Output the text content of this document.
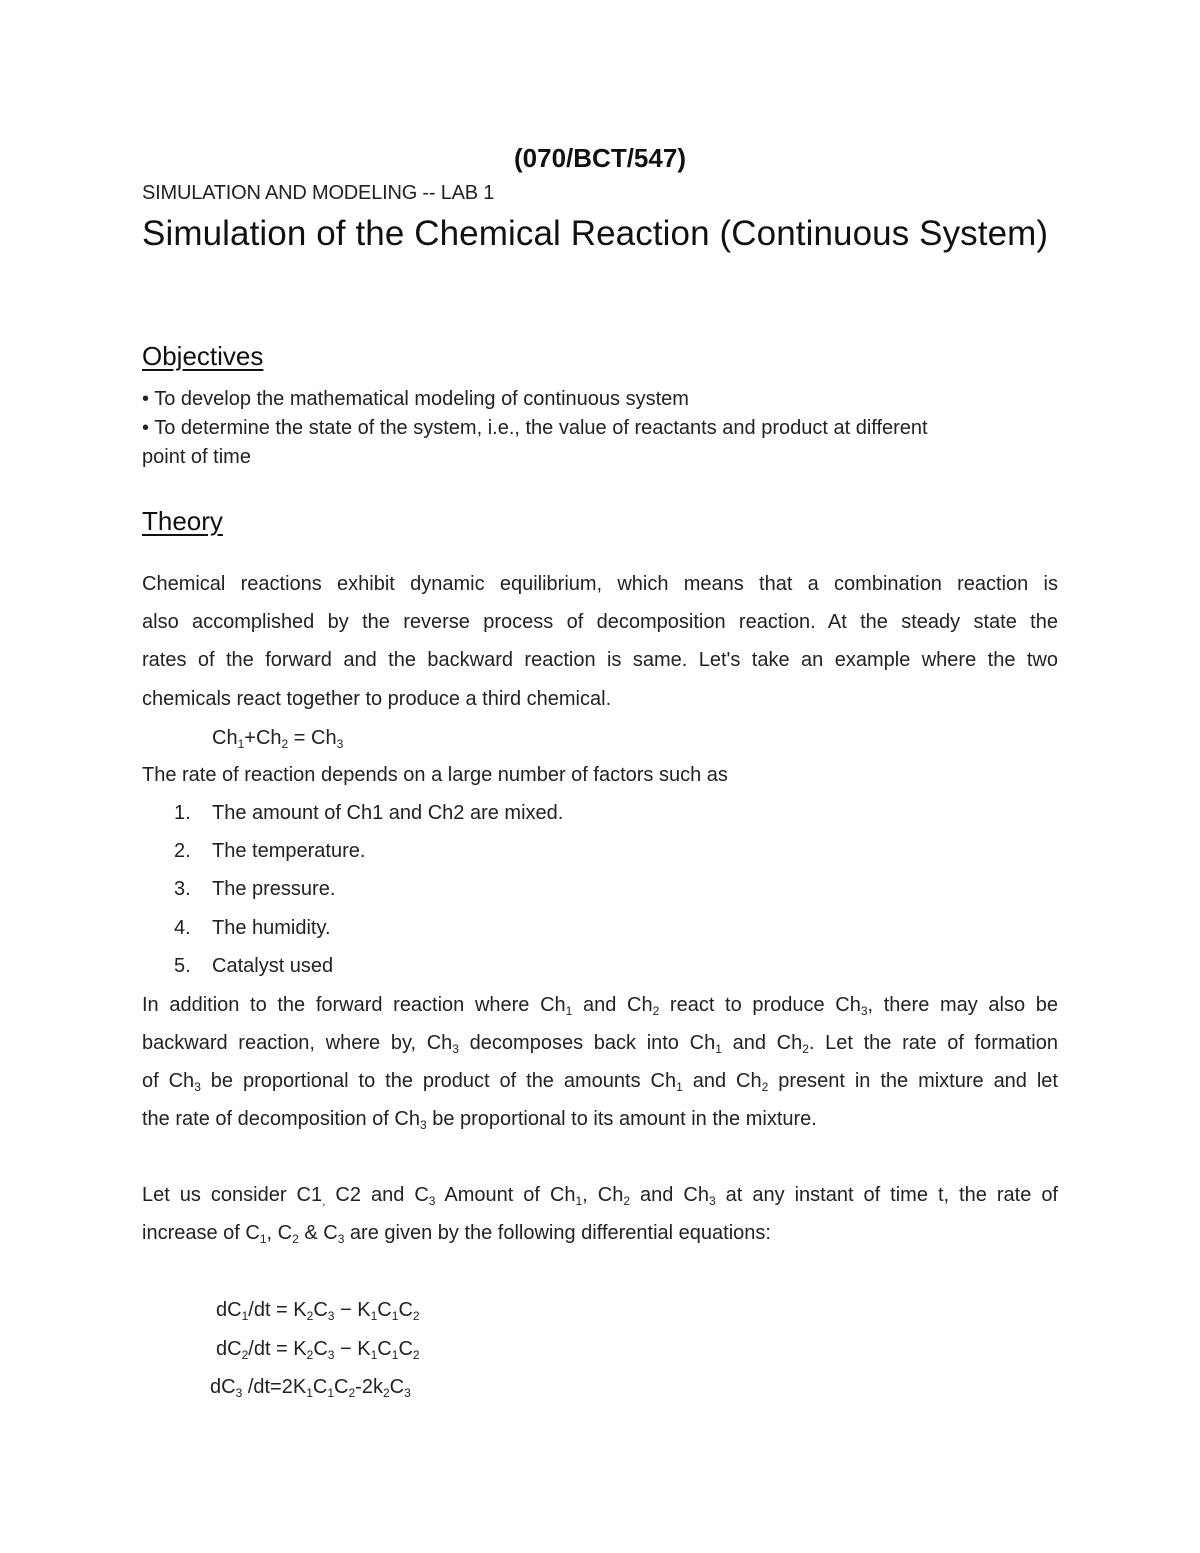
(070/BCT/547)
SIMULATION AND MODELING -- LAB 1
Simulation of the Chemical Reaction (Continuous System)
Objectives
• To develop the mathematical modeling of continuous system
• To determine the state of the system, i.e., the value of reactants and product at different
point of time
Theory
Chemical reactions exhibit dynamic equilibrium, which means that a combination reaction is
also accomplished by the reverse process of decomposition reaction. At the steady state the
rates of the forward and the backward reaction is same. Let's take an example where the two
chemicals react together to produce a third chemical.
$Ch_1+Ch_2 = Ch_3$
The rate of reaction depends on a large number of factors such as
1. The amount of Ch1 and Ch2 are mixed.
2. The temperature.
3. The pressure.
4. The humidity.
5. Catalyst used
In addition to the forward reaction where $Ch_1$ and $Ch_2$ react to produce $Ch_3$, there may also be
backward reaction, where by, $Ch_3$ decomposes back into $Ch_1$ and $Ch_2$. Let the rate of formation
of $Ch_3$ be proportional to the product of the amounts $Ch_1$ and $Ch_2$ present in the mixture and let
the rate of decomposition of $Ch_3$ be proportional to its amount in the mixture.
Let us consider $C1_,$ C2 and $C_3$ Amount of $Ch_1$, $Ch_2$ and $Ch_3$ at any instant of time t, the rate of
increase of $C_1$, $C_2$ & $C_3$ are given by the following differential equations:
$dC_1/dt = K_2C_3 - K_1C_1C_2$
$dC_2/dt = K_2C_3 - K_1C_1C_2$
$dC_3$ $/dt=2K_1C_1C_2-2k_2C_3$
